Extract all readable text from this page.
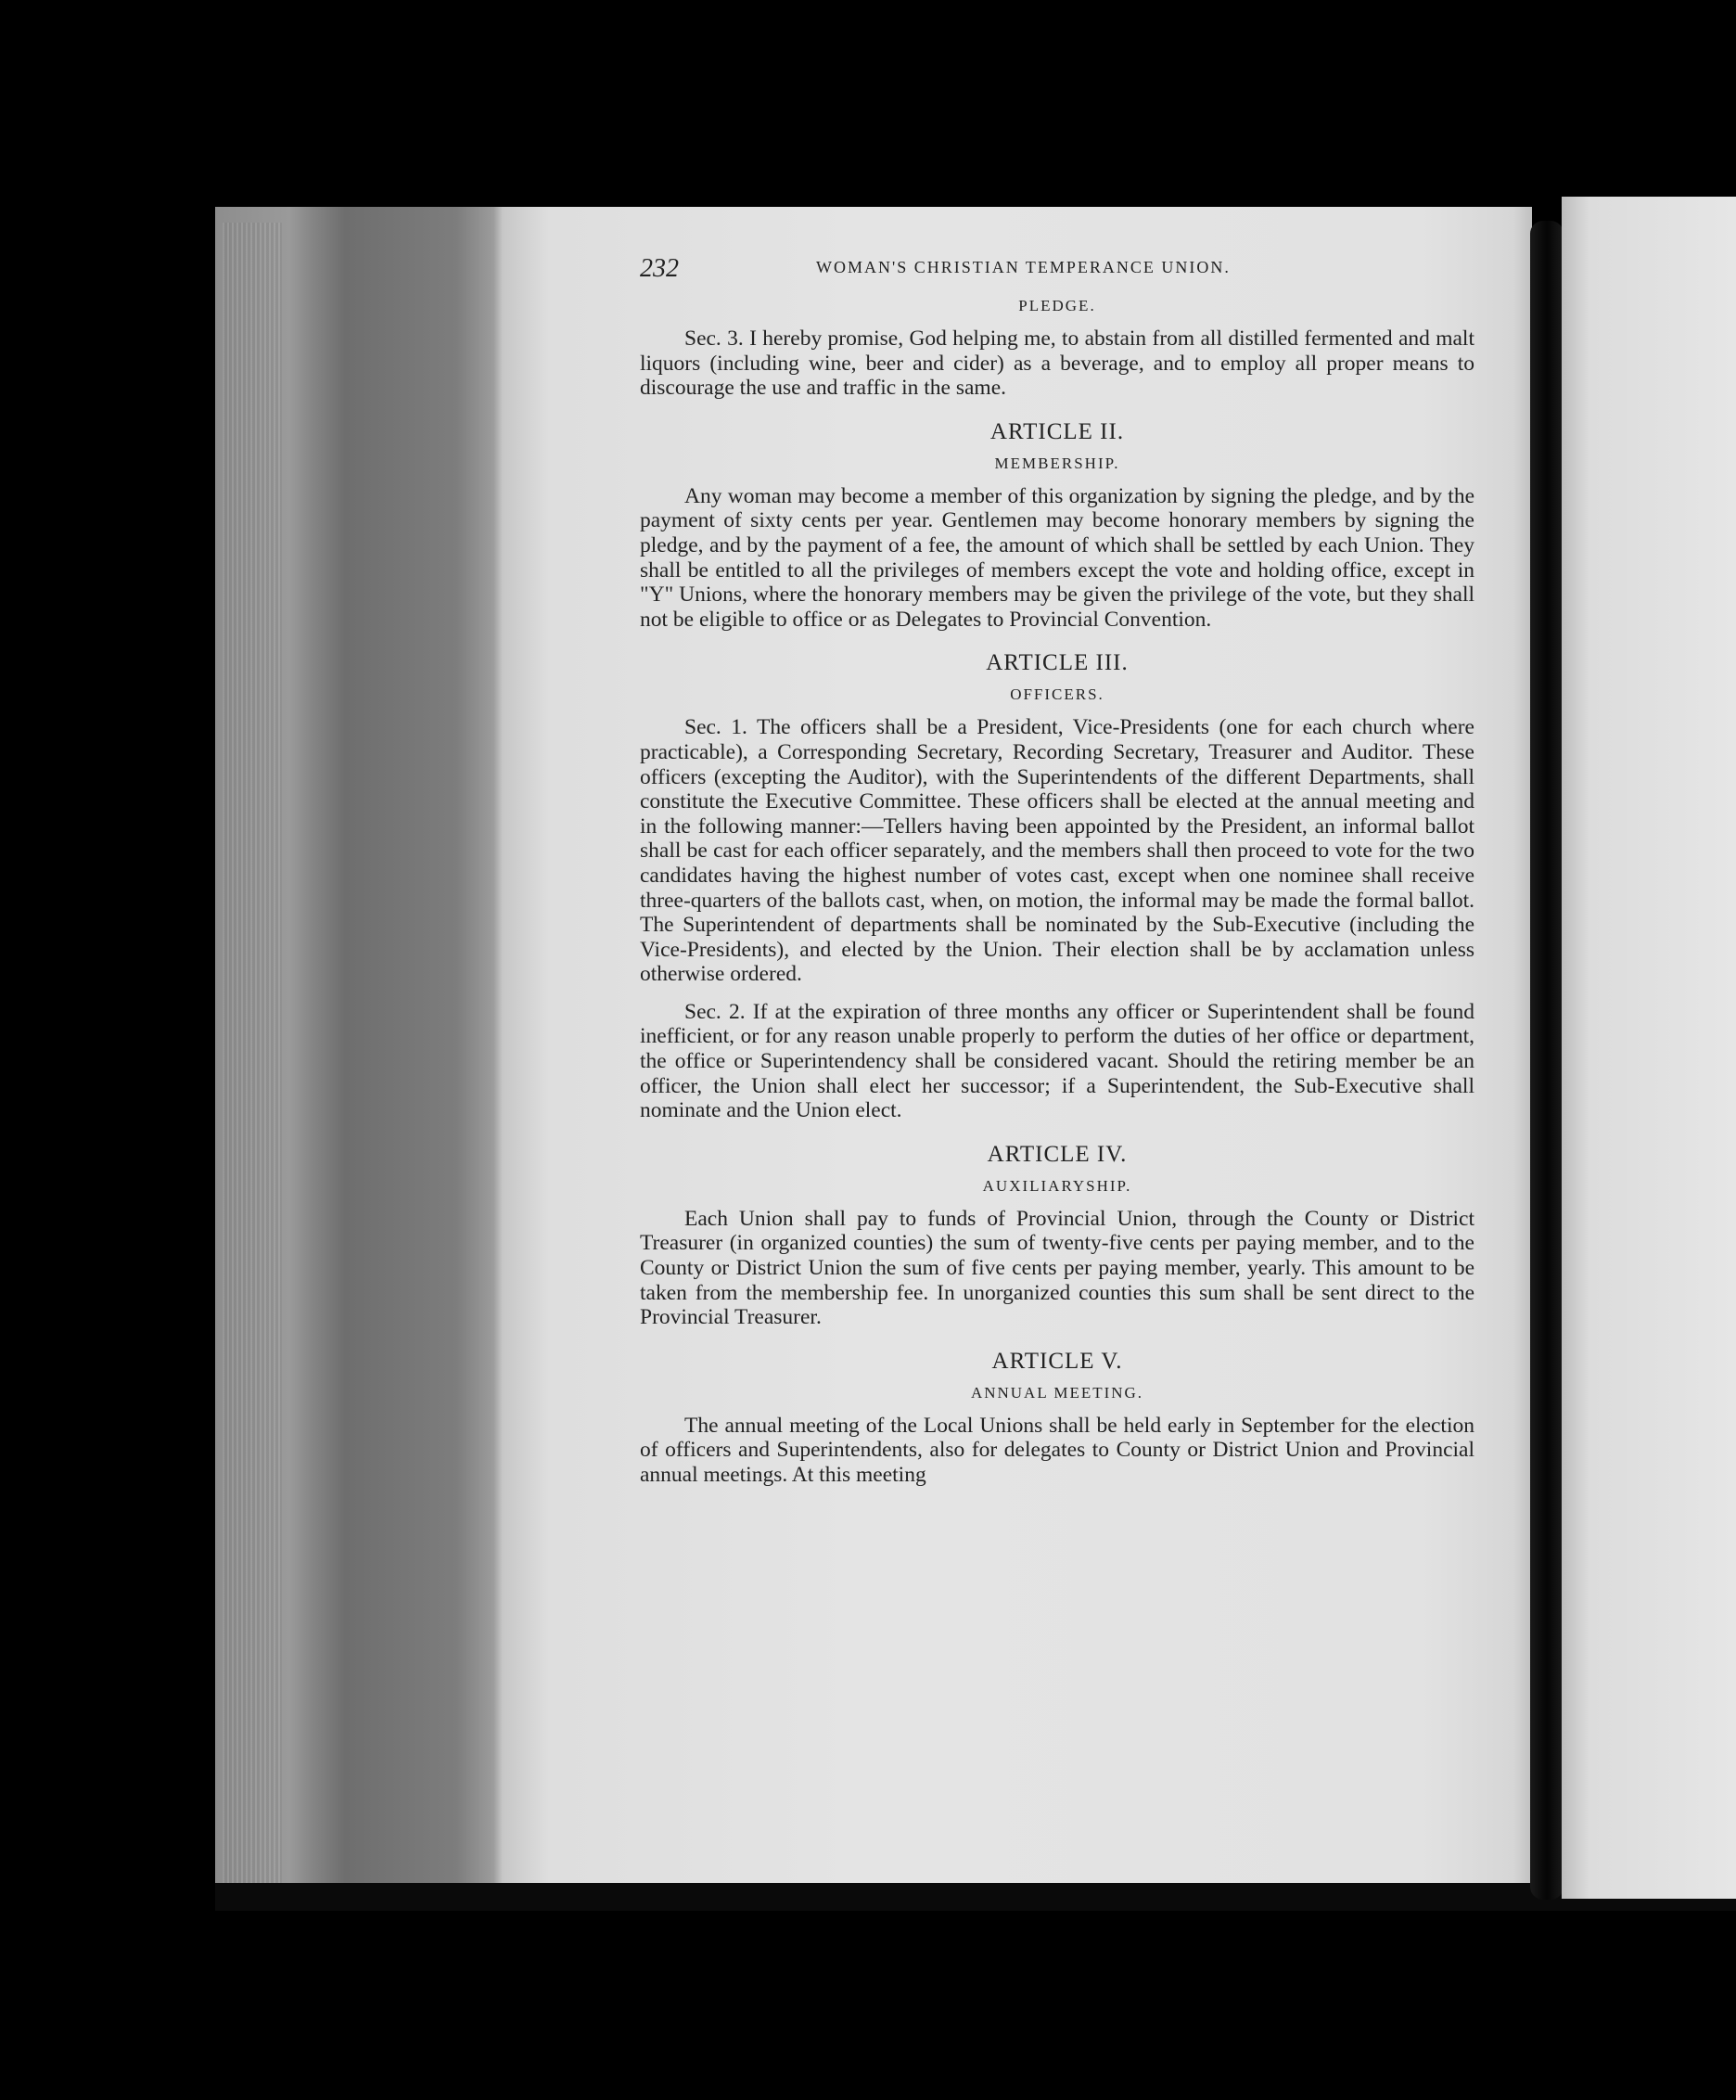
232	WOMAN'S CHRISTIAN TEMPERANCE UNION.
PLEDGE.

Sec. 3. I hereby promise, God helping me, to abstain from all distilled fermented and malt liquors (including wine, beer and cider) as a beverage, and to employ all proper means to discourage the use and traffic in the same.

ARTICLE II.
MEMBERSHIP.

Any woman may become a member of this organization by signing the pledge, and by the payment of sixty cents per year. Gentlemen may become honorary members by signing the pledge, and by the payment of a fee, the amount of which shall be settled by each Union. They shall be entitled to all the privileges of members except the vote and holding office, except in "Y" Unions, where the honorary members may be given the privilege of the vote, but they shall not be eligible to office or as Delegates to Provincial Convention.

ARTICLE III.
OFFICERS.

Sec. 1. The officers shall be a President, Vice-Presidents (one for each church where practicable), a Corresponding Secretary, Recording Secretary, Treasurer and Auditor. These officers (excepting the Auditor), with the Superintendents of the different Departments, shall constitute the Executive Committee. These officers shall be elected at the annual meeting and in the following manner:—Tellers having been appointed by the President, an informal ballot shall be cast for each officer separately, and the members shall then proceed to vote for the two candidates having the highest number of votes cast, except when one nominee shall receive three-quarters of the ballots cast, when, on motion, the informal may be made the formal ballot. The Superintendent of departments shall be nominated by the Sub-Executive (including the Vice-Presidents), and elected by the Union. Their election shall be by acclamation unless otherwise ordered.

Sec. 2. If at the expiration of three months any officer or Superintendent shall be found inefficient, or for any reason unable properly to perform the duties of her office or department, the office or Superintendency shall be considered vacant. Should the retiring member be an officer, the Union shall elect her successor; if a Superintendent, the Sub-Executive shall nominate and the Union elect.

ARTICLE IV.
AUXILIARYSHIP.

Each Union shall pay to funds of Provincial Union, through the County or District Treasurer (in organized counties) the sum of twenty-five cents per paying member, and to the County or District Union the sum of five cents per paying member, yearly. This amount to be taken from the membership fee. In unorganized counties this sum shall be sent direct to the Provincial Treasurer.

ARTICLE V.
ANNUAL MEETING.

The annual meeting of the Local Unions shall be held early in September for the election of officers and Superintendents, also for delegates to County or District Union and Provincial annual meetings. At this meeting
